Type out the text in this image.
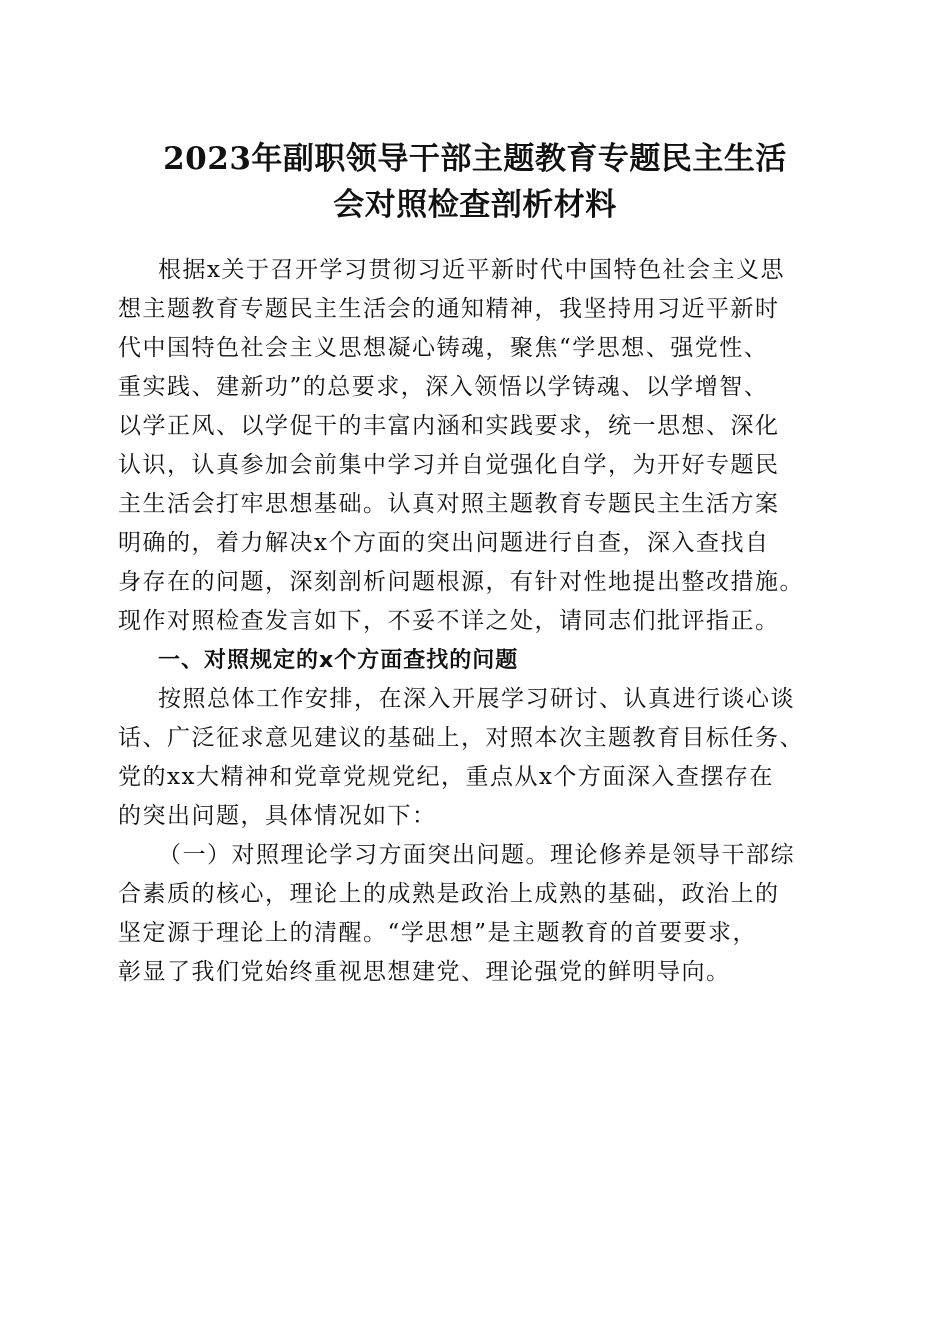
2023年副职领导干部主题教育专题民主生活
会对照检查剖析材料
根据x关于召开学习贯彻习近平新时代中国特色社会主义思
想主题教育专题民主生活会的通知精神，我坚持用习近平新时
代中国特色社会主义思想凝心铸魂，聚焦“学思想、强党性、
重实践、建新功”的总要求，深入领悟以学铸魂、以学增智、
以学正风、以学促干的丰富内涵和实践要求，统一思想、深化
认识，认真参加会前集中学习并自觉强化自学，为开好专题民
主生活会打牢思想基础。认真对照主题教育专题民主生活方案
明确的，着力解决x个方面的突出问题进行自查，深入查找自
身存在的问题，深刻剖析问题根源，有针对性地提出整改措施。
现作对照检查发言如下，不妥不详之处，请同志们批评指正。
一、对照规定的x个方面查找的问题
按照总体工作安排，在深入开展学习研讨、认真进行谈心谈
话、广泛征求意见建议的基础上，对照本次主题教育目标任务、
党的xx大精神和党章党规党纪，重点从x个方面深入查摆存在
的突出问题，具体情况如下：
（一）对照理论学习方面突出问题。理论修养是领导干部综
合素质的核心，理论上的成熟是政治上成熟的基础，政治上的
坚定源于理论上的清醒。“学思想”是主题教育的首要要求，
彰显了我们党始终重视思想建党、理论强党的鲜明导向。
